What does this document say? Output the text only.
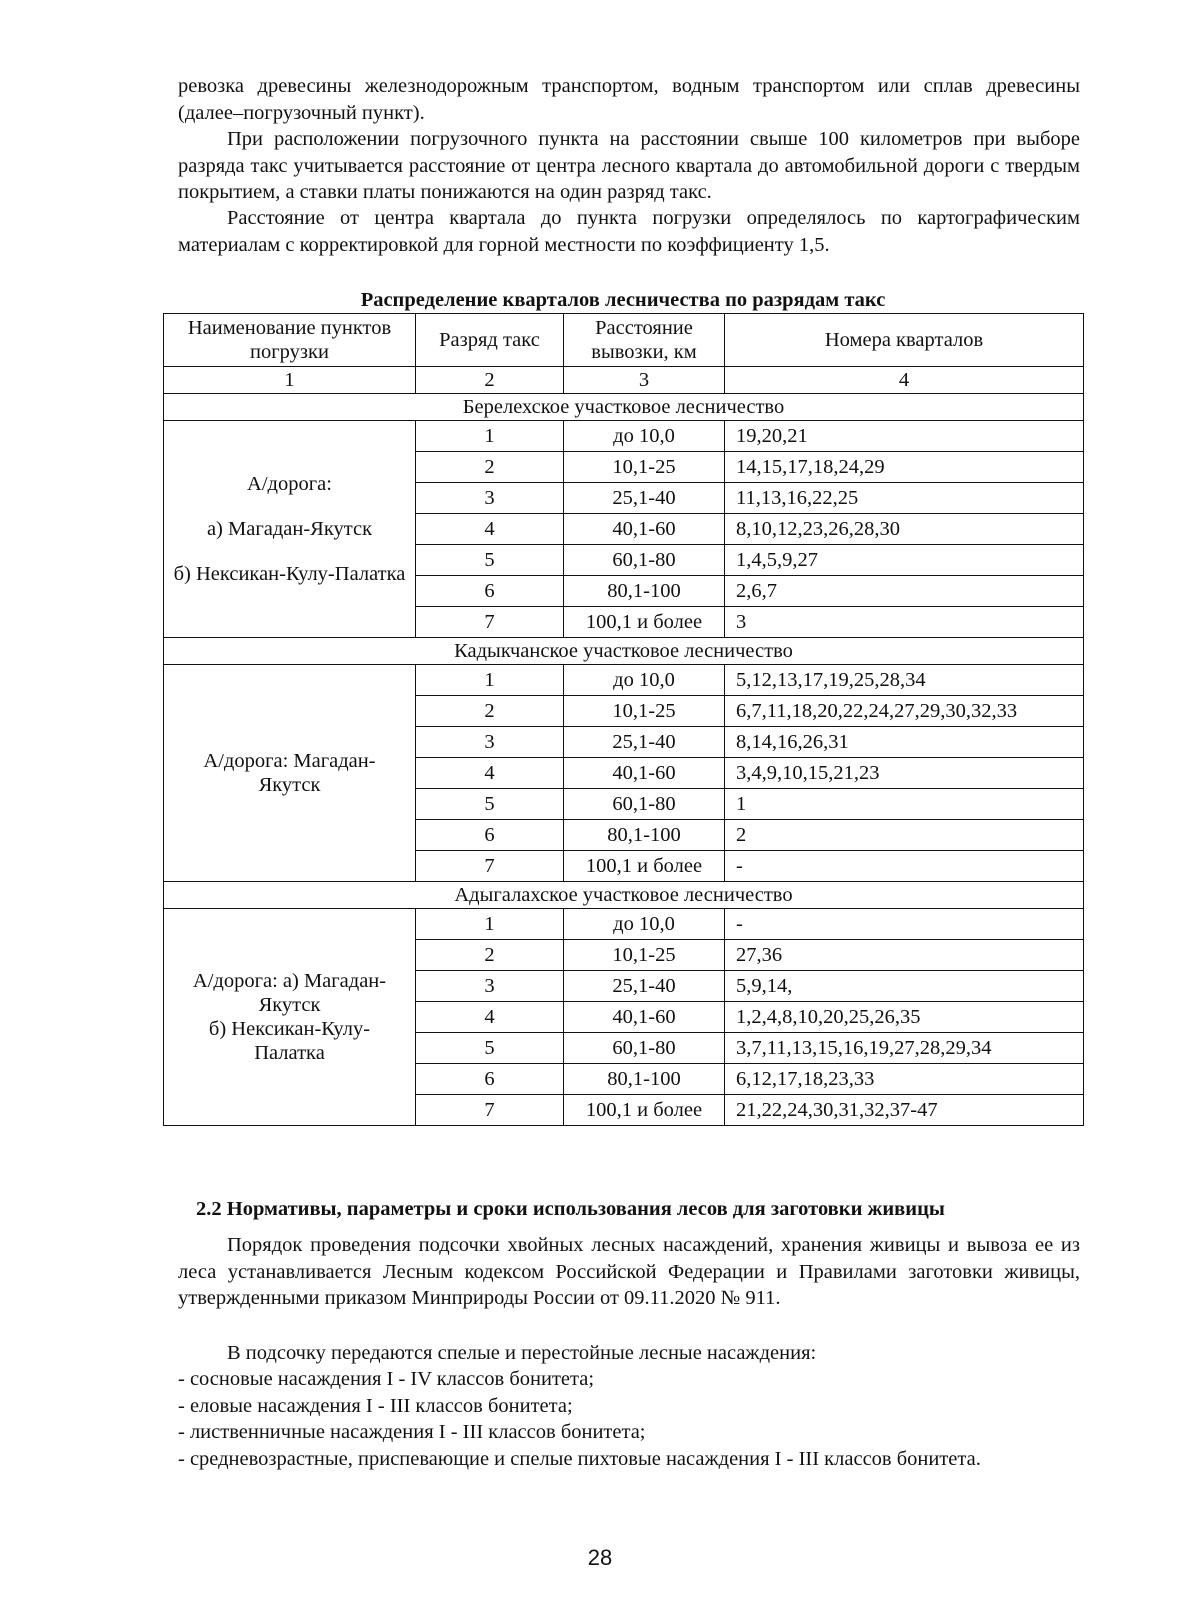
ревозка древесины железнодорожным транспортом, водным транспортом или сплав древесины (далее–погрузочный пункт).

При расположении погрузочного пункта на расстоянии свыше 100 километров при выборе разряда такс учитывается расстояние от центра лесного квартала до автомобильной дороги с твердым покрытием, а ставки платы понижаются на один разряд такс.

Расстояние от центра квартала до пункта погрузки определялось по картографическим материалам с корректировкой для горной местности по коэффициенту 1,5.

Распределение кварталов лесничества по разрядам такс
Наименование пунктов погрузки	Разряд такс	Расстояние вывозки, км	Номера кварталов
1	2	3	4
Берелехское участковое лесничество			

А/дорога:
а) Магадан-Якутск
б) Нексикан-Кулу-Палатка	1	до 10,0	19,20,21
	2	10,1-25	14,15,17,18,24,29
	3	25,1-40	11,13,16,22,25
	4	40,1-60	8,10,12,23,26,28,30
	5	60,1-80	1,4,5,9,27
	6	80,1-100	2,6,7
	7	100,1 и более	3
Кадыкчанское участковое лесничество			

А/дорога: Магадан-Якутск	1	до 10,0	5,12,13,17,19,25,28,34
	2	10,1-25	6,7,11,18,20,22,24,27,29,30,32,33
	3	25,1-40	8,14,16,26,31
	4	40,1-60	3,4,9,10,15,21,23
	5	60,1-80	1
	6	80,1-100	2
	7	100,1 и более	-
Адыгалахское участковое лесничество			

А/дорога: а) Магадан-Якутск
б) Нексикан-Кулу-Палатка	1	до 10,0	-
	2	10,1-25	27,36
	3	25,1-40	5,9,14,
	4	40,1-60	1,2,4,8,10,20,25,26,35
	5	60,1-80	3,7,11,13,15,16,19,27,28,29,34
	6	80,1-100	6,12,17,18,23,33
	7	100,1 и более	21,22,24,30,31,32,37-47
2.2 Нормативы, параметры и сроки использования лесов для заготовки живицы

Порядок проведения подсочки хвойных лесных насаждений, хранения живицы и вывоза ее из леса устанавливается Лесным кодексом Российской Федерации и Правилами заготовки живицы, утвержденными приказом Минприроды России от 09.11.2020 № 911.

В подсочку передаются спелые и перестойные лесные насаждения:

- сосновые насаждения I - IV классов бонитета;
- еловые насаждения I - III классов бонитета;
- лиственничные насаждения I - III классов бонитета;
- средневозрастные, приспевающие и спелые пихтовые насаждения I - III классов бонитета.
28
